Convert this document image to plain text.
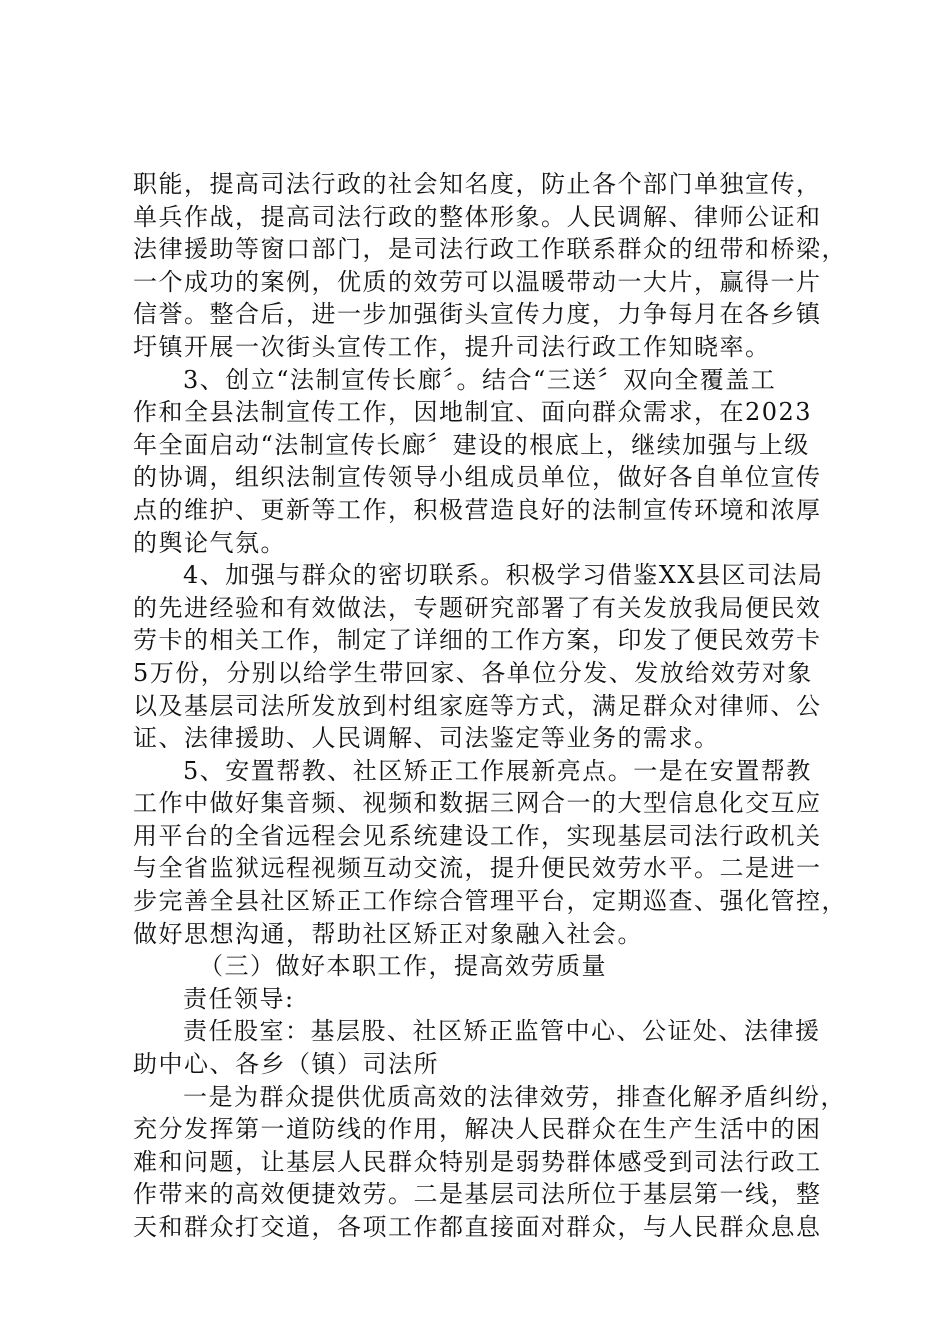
职能，提高司法行政的社会知名度，防止各个部门单独宣传，
单兵作战，提高司法行政的整体形象。人民调解、律师公证和
法律援助等窗口部门，是司法行政工作联系群众的纽带和桥梁，
一个成功的案例，优质的效劳可以温暖带动一大片，赢得一片
信誉。整合后，进一步加强街头宣传力度，力争每月在各乡镇
圩镇开展一次街头宣传工作，提升司法行政工作知晓率。
3、创立“法制宣传长廊〞。结合“三送〞双向全覆盖工
作和全县法制宣传工作，因地制宜、面向群众需求，在2023
年全面启动“法制宣传长廊〞建设的根底上，继续加强与上级
的协调，组织法制宣传领导小组成员单位，做好各自单位宣传
点的维护、更新等工作，积极营造良好的法制宣传环境和浓厚
的舆论气氛。
4、加强与群众的密切联系。积极学习借鉴XX县区司法局
的先进经验和有效做法，专题研究部署了有关发放我局便民效
劳卡的相关工作，制定了详细的工作方案，印发了便民效劳卡
5万份，分别以给学生带回家、各单位分发、发放给效劳对象
以及基层司法所发放到村组家庭等方式，满足群众对律师、公
证、法律援助、人民调解、司法鉴定等业务的需求。
5、安置帮教、社区矫正工作展新亮点。一是在安置帮教
工作中做好集音频、视频和数据三网合一的大型信息化交互应
用平台的全省远程会见系统建设工作，实现基层司法行政机关
与全省监狱远程视频互动交流，提升便民效劳水平。二是进一
步完善全县社区矫正工作综合管理平台，定期巡查、强化管控，
做好思想沟通，帮助社区矫正对象融入社会。
（三）做好本职工作，提高效劳质量
责任领导:
责任股室：基层股、社区矫正监管中心、公证处、法律援
助中心、各乡（镇）司法所
一是为群众提供优质高效的法律效劳，排查化解矛盾纠纷，
充分发挥第一道防线的作用，解决人民群众在生产生活中的困
难和问题，让基层人民群众特别是弱势群体感受到司法行政工
作带来的高效便捷效劳。二是基层司法所位于基层第一线，整
天和群众打交道，各项工作都直接面对群众，与人民群众息息
